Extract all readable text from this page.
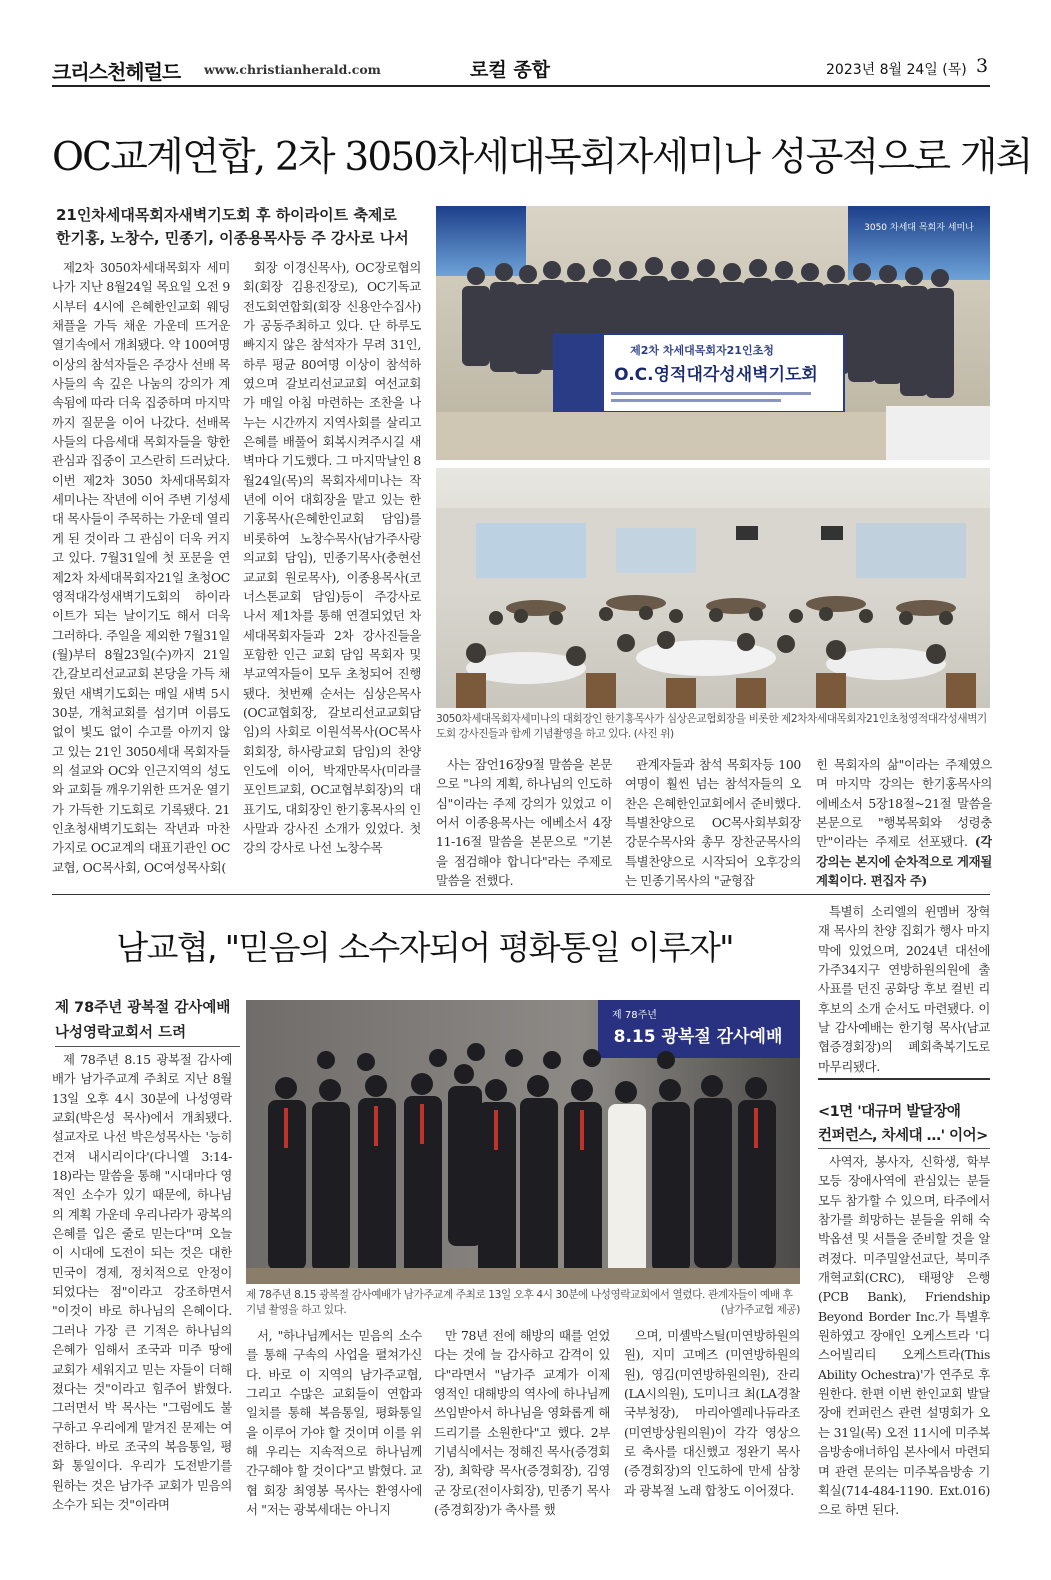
크리스천헤럴드 www.christianherald.com	로컬 종합	2023년 8월 24일 (목) 3
OC교계연합, 2차 3050차세대목회자세미나 성공적으로 개최
21인차세대목회자새벽기도회 후 하이라이트 축제로
한기홍, 노창수, 민종기, 이종용목사등 주 강사로 나서

제2차 3050차세대목회자 세미나가 지난 8월24일 목요일 오전 9시부터 4시에 은혜한인교회 웨딩채플을 가득 채운 가운데 뜨거운 열기속에서 개최됐다. 약 100여명 이상의 참석자들은 주강사 선배 목사들의 속 깊은 나눔의 강의가 계속됨에 따라 더욱 집중하며 마지막 까지 질문을 이어 나갔다. 선배목사들의 다음세대 목회자들을 향한 관심과 집중이 고스란히 드러났다. 이번 제2차 3050 차세대목회자 세미나는 작년에 이어 주변 기성세대 목사들이 주목하는 가운데 열리게 된 것이라 그 관심이 더욱 커지고 있다. 7월31일에 첫 포문을 연 제2차 차세대목회자21일 초청OC영적대각성새벽기도회의 하이라이트가 되는 날이기도 해서 더욱 그러하다. 주일을 제외한 7월31일(월)부터 8월23일(수)까지 21일간,갈보리선교교회 본당을 가득 채웠던 새벽기도회는 매일 새벽 5시30분, 개척교회를 섬기며 이름도 없이 빛도 없이 수고를 아끼지 않고 있는 21인 3050세대 목회자들의 설교와 OC와 인근지역의 성도와 교회들 깨우기위한 뜨거운 열기가 가득한 기도회로 기록됐다. 21인초청새벽기도회는 작년과 마찬가지로 OC교계의 대표기관인 OC교협, OC목사회, OC여성목사회(

회장 이경신목사), OC장로협의회(회장 김용진장로), OC기독교전도회연합회(회장 신용안수집사)가 공동주최하고 있다. 단 하루도 빠지지 않은 참석자가 무려 31인, 하루 평균 80여명 이상이 참석하였으며 갈보리선교교회 여선교회가 매일 아침 마련하는 조찬을 나누는 시간까지 지역사회를 살리고 은혜를 배풀어 회복시켜주시길 새벽마다 기도했다. 그 마지막날인 8월24일(목)의 목회자세미나는 작년에 이어 대회장을 맡고 있는 한기홍목사(은혜한인교회 담임)를 비롯하여 노창수목사(남가주사랑의교회 담임), 민종기목사(충현선교교회 원로목사), 이종용목사(코너스톤교회 담임)등이 주강사로 나서 제1차를 통해 연결되었던 차세대목회자들과 2차 강사진들을 포함한 인근 교회 담임 목회자 및 부교역자들이 모두 초청되어 진행됐다. 첫번째 순서는 심상은목사(OC교협회장, 갈보리선교교회담임)의 사회로 이원석목사(OC목사회회장, 하사랑교회 담임)의 찬양인도에 이어, 박재만목사(미라클포인트교회, OC교협부회장)의 대표기도, 대회장인 한기홍목사의 인사말과 강사진 소개가 있었다. 첫 강의 강사로 나선 노창수목

3050 차세대 목회자 세미나
제2차 차세대목회자21인초청
O.C.영적대각성새벽기도회
3050차세대목회자세미나의 대회장인 한기홍목사가 심상은교협회장을 비롯한 제2차차세대목회자21인초청영적대각성새벽기도회 강사진들과 함께 기념촬영을 하고 있다. (사진 위)

사는 잠언16장9절 말씀을 본문으로 "나의 계획, 하나님의 인도하심"이라는 주제 강의가 있었고 이어서 이종용목사는 에베소서 4장 11-16절 말씀을 본문으로 "기본을 점검해야 합니다"라는 주제로 말씀을 전했다.

관계자들과 참석 목회자등 100여명이 훨씬 넘는 참석자들의 오찬은 은혜한인교회에서 준비했다. 특별찬양으로 OC목사회부회장 강문수목사와 총무 장찬군목사의 특별찬양으로 시작되어 오후강의는 민종기목사의 "균형잡

힌 목회자의 삶"이라는 주제였으며 마지막 강의는 한기홍목사의 에베소서 5장18절~21절 말씀을 본문으로 "행복목회와 성령충만"이라는 주제로 선포됐다. (각 강의는 본지에 순차적으로 게재될 계획이다. 편집자 주)
남교협, "믿음의 소수자되어 평화통일 이루자"
제 78주년 광복절 감사예배
나성영락교회서 드려

제 78주년 8.15 광복절 감사예배가 남가주교계 주최로 지난 8월13일 오후 4시 30분에 나성영락교회(박은성 목사)에서 개최됐다. 설교자로 나선 박은성목사는 '능히 건져 내시리이다'(다니엘 3:14-18)라는 말씀을 통해 "시대마다 영적인 소수가 있기 때문에, 하나님의 계획 가운데 우리나라가 광복의 은혜를 입은 줄로 믿는다"며 오늘 이 시대에 도전이 되는 것은 대한민국이 경제, 정치적으로 안정이 되었다는 점"이라고 강조하면서 "이것이 바로 하나님의 은혜이다. 그러나 가장 큰 기적은 하나님의 은혜가 임해서 조국과 미주 땅에 교회가 세워지고 믿는 자들이 더해졌다는 것"이라고 힘주어 밝혔다. 그러면서 박 목사는 "그럼에도 불구하고 우리에게 맡겨진 문제는 여전하다. 바로 조국의 복음통일, 평화 통일이다. 우리가 도전받기를 원하는 것은 남가주 교회가 믿음의 소수가 되는 것"이라며

제 78주년
8.15 광복절 감사예배
제 78주년 8.15 광복절 감사예배가 남가주교계 주최로 13일 오후 4시 30분에 나성영락교회에서 열렸다. 관계자들이 예배 후 기념 촬영을 하고 있다.	(남가주교협 제공)

서, "하나님께서는 믿음의 소수를 통해 구속의 사업을 펼쳐가신다. 바로 이 지역의 남가주교협, 그리고 수많은 교회들이 연합과 일치를 통해 복음통일, 평화통일을 이루어 가야 할 것이며 이를 위해 우리는 지속적으로 하나님께 간구해야 할 것이다"고 밝혔다. 교협 회장 최영봉 목사는 환영사에서 "저는 광복세대는 아니지

만 78년 전에 해방의 때를 얻었다는 것에 늘 감사하고 감격이 있다"라면서 "남가주 교계가 이제 영적인 대해방의 역사에 하나님께 쓰임받아서 하나님을 영화롭게 해드리기를 소원한다"고 했다. 2부 기념식에서는 정해진 목사(증경회장), 최학량 목사(증경회장), 김영군 장로(전이사회장), 민종기 목사(증경회장)가 축사를 했

으며, 미셸박스틸(미연방하원의원), 지미 고메즈 (미연방하원의원), 영김(미연방하원의원), 잔리(LA시의원), 도미니크 최(LA경찰국부청장), 마리아엘레나듀라조(미연방상원의원)이 각각 영상으로 축사를 대신했고 정완기 목사(증경회장)의 인도하에 만세 삼창과 광복절 노래 합창도 이어졌다.

특별히 소리엘의 윈멤버 장혁재 목사의 찬양 집회가 행사 마지막에 있었으며, 2024년 대선에 가주34지구 연방하원의원에 출사표를 던진 공화당 후보 컬빈 리 후보의 소개 순서도 마련됐다. 이날 감사예배는 한기형 목사(남교협증경회장)의 폐회축복기도로 마무리됐다.

<1면 '대규머 발달장애
컨퍼런스, 차세대 …' 이어>

사역자, 봉사자, 신학생, 학부모등 장애사역에 관심있는 분들 모두 참가할 수 있으며, 타주에서 참가를 희망하는 분들을 위해 숙박옵션 및 서틀을 준비할 것을 알려졌다. 미주밀알선교단, 북미주개혁교회(CRC), 태평양 은행(PCB Bank), Friendship Beyond Border Inc.가 특별후원하였고 장애인 오케스트라 '디스어빌리티 오케스트라(This Ability Ochestra)'가 연주로 후원한다. 한편 이번 한인교회 발달장애 컨퍼런스 관련 설명회가 오는 31일(목) 오전 11시에 미주복음방송애너하임 본사에서 마련되며 관련 문의는 미주복음방송 기획실(714-484-1190. Ext.016)으로 하면 된다.
